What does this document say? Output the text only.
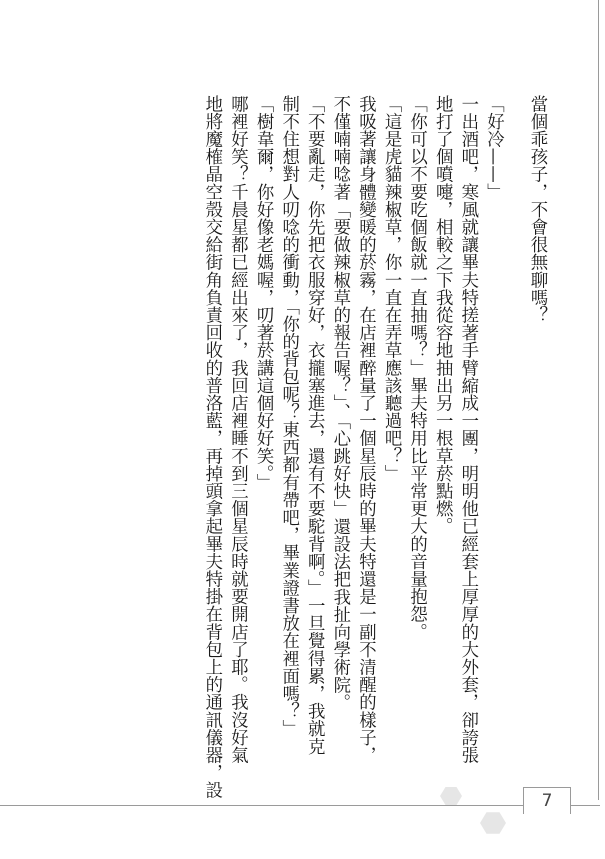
當個乖孩子，不會很無聊嗎？
「好冷——」
一出酒吧，寒風就讓畢夫特搓著手臂縮成一團，明明他已經套上厚厚的大外套，卻誇張
地打了個噴嚏，相較之下我從容地抽出另一根草菸點燃。
「你可以不要吃個飯就一直抽嗎？」畢夫特用比平常更大的音量抱怨。
「這是虎貓辣椒草，你一直在弄草應該聽過吧？」
我吸著讓身體變暖的菸霧，在店裡醉量了一個星辰時的畢夫特還是一副不清醒的樣子，
不僅喃喃唸著「要做辣椒草的報告喔？」、「心跳好快」還設法把我扯向學術院。
「不要亂走，你先把衣服穿好，衣攏塞進去，還有不要駝背啊。」一旦覺得累，我就克
制不住想對人叨唸的衝動，「你的背包呢？東西都有帶吧，畢業證書放在裡面嗎？」
「樹韋爾，你好像老媽喔，叨著菸講這個好好笑。」
哪裡好笑？千晨星都已經出來了，我回店裡睡不到三個星辰時就要開店了耶。我沒好氣
地將魔榷晶空殼交給街角負責回收的普洛藍，再掉頭拿起畢夫特掛在背包上的通訊儀器，設
7
